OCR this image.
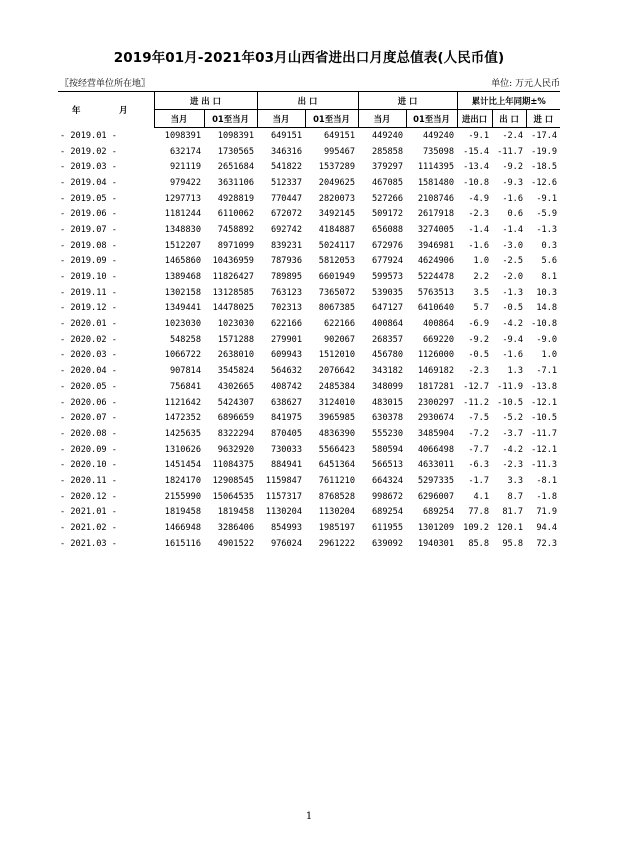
2019年01月-2021年03月山西省进出口月度总值表(人民币值)
〖按经营单位所在地〗	单位: 万元人民币
年 月	进 出 口		出 口		进 口		累计比上年同期±%		
	当月	01至当月	当月	01至当月	当月	01至当月	进出口	出 口	进 口
- 2019.01 -	1098391	1098391	649151	649151	449240	449240	-9.1	-2.4	-17.4
- 2019.02 -	632174	1730565	346316	995467	285858	735098	-15.4	-11.7	-19.9
- 2019.03 -	921119	2651684	541822	1537289	379297	1114395	-13.4	-9.2	-18.5
- 2019.04 -	979422	3631106	512337	2049625	467085	1581480	-10.8	-9.3	-12.6
- 2019.05 -	1297713	4928819	770447	2820073	527266	2108746	-4.9	-1.6	-9.1
- 2019.06 -	1181244	6110062	672072	3492145	509172	2617918	-2.3	0.6	-5.9
- 2019.07 -	1348830	7458892	692742	4184887	656088	3274005	-1.4	-1.4	-1.3
- 2019.08 -	1512207	8971099	839231	5024117	672976	3946981	-1.6	-3.0	0.3
- 2019.09 -	1465860	10436959	787936	5812053	677924	4624906	1.0	-2.5	5.6
- 2019.10 -	1389468	11826427	789895	6601949	599573	5224478	2.2	-2.0	8.1
- 2019.11 -	1302158	13128585	763123	7365072	539035	5763513	3.5	-1.3	10.3
- 2019.12 -	1349441	14478025	702313	8067385	647127	6410640	5.7	-0.5	14.8
- 2020.01 -	1023030	1023030	622166	622166	400864	400864	-6.9	-4.2	-10.8
- 2020.02 -	548258	1571288	279901	902067	268357	669220	-9.2	-9.4	-9.0
- 2020.03 -	1066722	2638010	609943	1512010	456780	1126000	-0.5	-1.6	1.0
- 2020.04 -	907814	3545824	564632	2076642	343182	1469182	-2.3	1.3	-7.1
- 2020.05 -	756841	4302665	408742	2485384	348099	1817281	-12.7	-11.9	-13.8
- 2020.06 -	1121642	5424307	638627	3124010	483015	2300297	-11.2	-10.5	-12.1
- 2020.07 -	1472352	6896659	841975	3965985	630378	2930674	-7.5	-5.2	-10.5
- 2020.08 -	1425635	8322294	870405	4836390	555230	3485904	-7.2	-3.7	-11.7
- 2020.09 -	1310626	9632920	730033	5566423	580594	4066498	-7.7	-4.2	-12.1
- 2020.10 -	1451454	11084375	884941	6451364	566513	4633011	-6.3	-2.3	-11.3
- 2020.11 -	1824170	12908545	1159847	7611210	664324	5297335	-1.7	3.3	-8.1
- 2020.12 -	2155990	15064535	1157317	8768528	998672	6296007	4.1	8.7	-1.8
- 2021.01 -	1819458	1819458	1130204	1130204	689254	689254	77.8	81.7	71.9
- 2021.02 -	1466948	3286406	854993	1985197	611955	1301209	109.2	120.1	94.4
- 2021.03 -	1615116	4901522	976024	2961222	639092	1940301	85.8	95.8	72.3
1
